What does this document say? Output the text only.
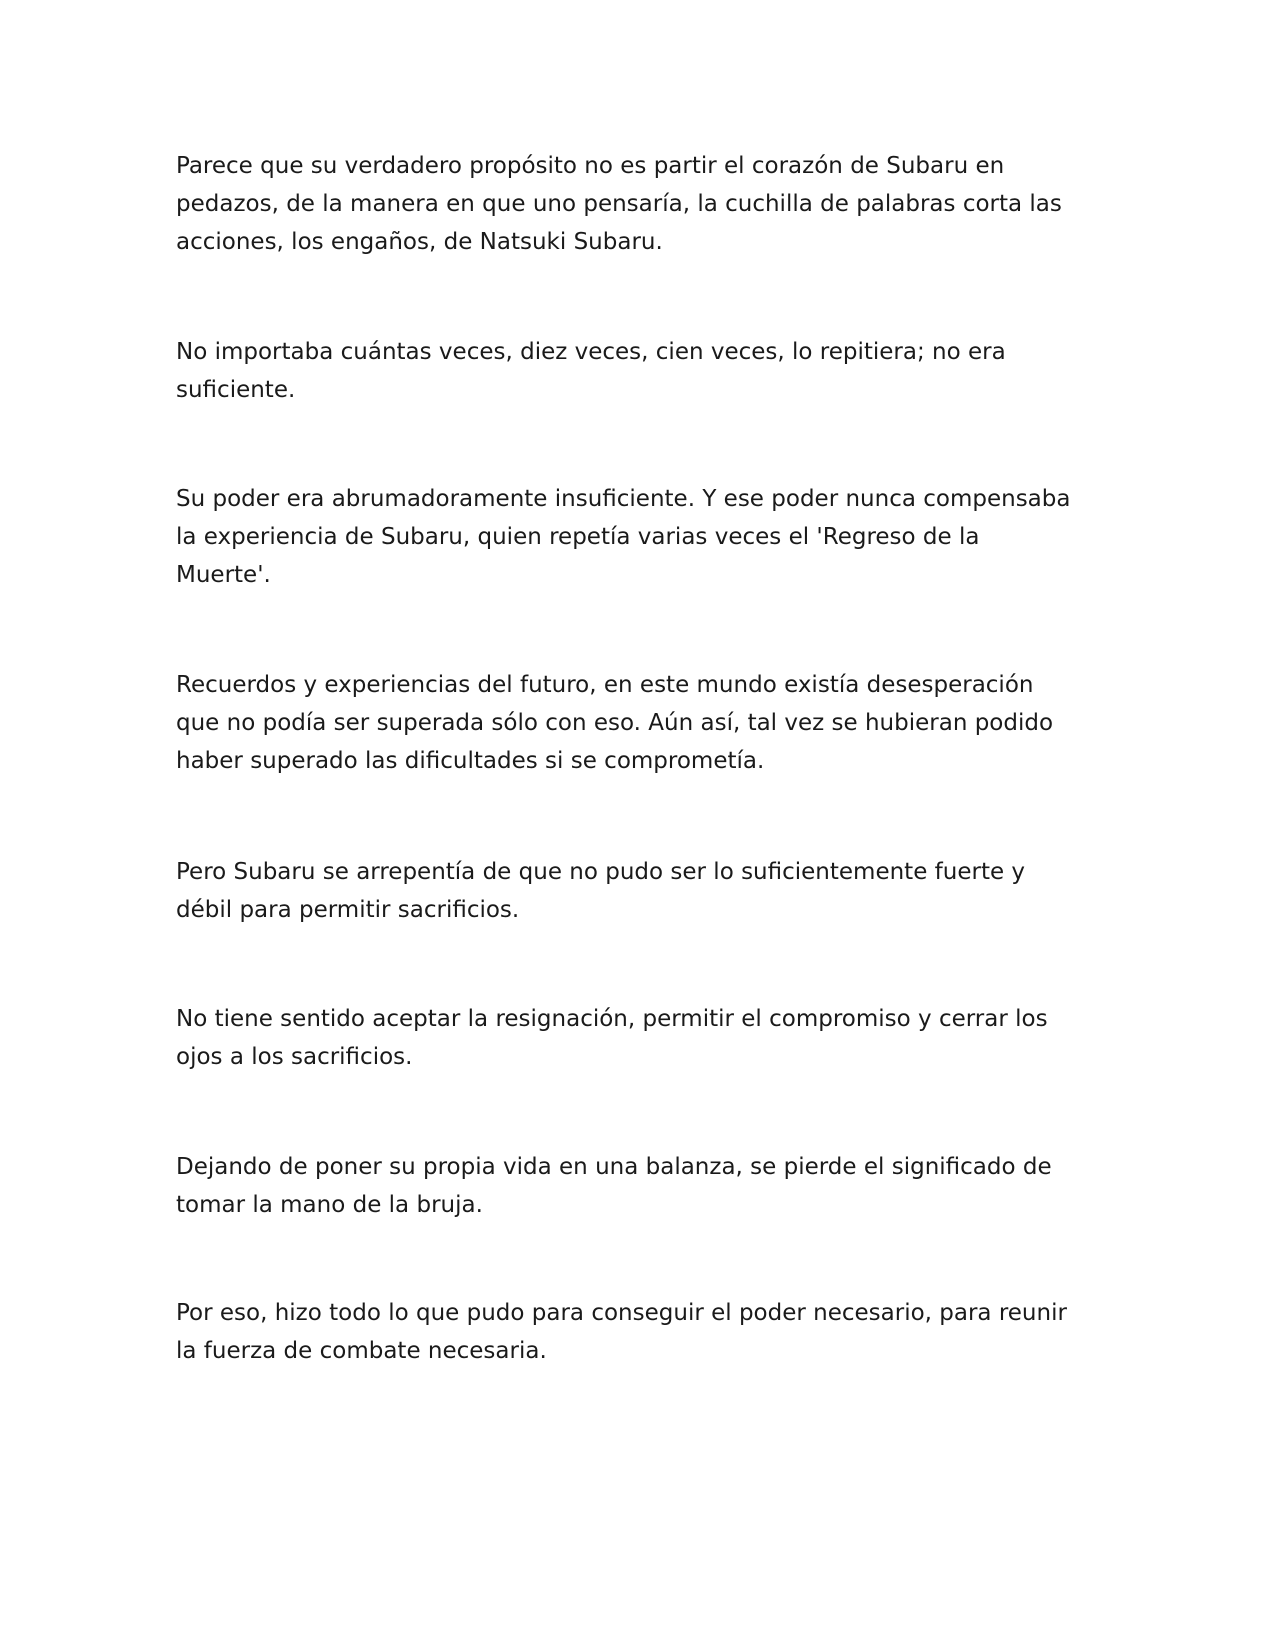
Parece que su verdadero propósito no es partir el corazón de Subaru en
pedazos, de la manera en que uno pensaría, la cuchilla de palabras corta las
acciones, los engaños, de Natsuki Subaru.

No importaba cuántas veces, diez veces, cien veces, lo repitiera; no era
suficiente.

Su poder era abrumadoramente insuficiente. Y ese poder nunca compensaba
la experiencia de Subaru, quien repetía varias veces el 'Regreso de la
Muerte'.

Recuerdos y experiencias del futuro, en este mundo existía desesperación
que no podía ser superada sólo con eso. Aún así, tal vez se hubieran podido
haber superado las dificultades si se comprometía.

Pero Subaru se arrepentía de que no pudo ser lo suficientemente fuerte y
débil para permitir sacrificios.

No tiene sentido aceptar la resignación, permitir el compromiso y cerrar los
ojos a los sacrificios.

Dejando de poner su propia vida en una balanza, se pierde el significado de
tomar la mano de la bruja.

Por eso, hizo todo lo que pudo para conseguir el poder necesario, para reunir
la fuerza de combate necesaria.
